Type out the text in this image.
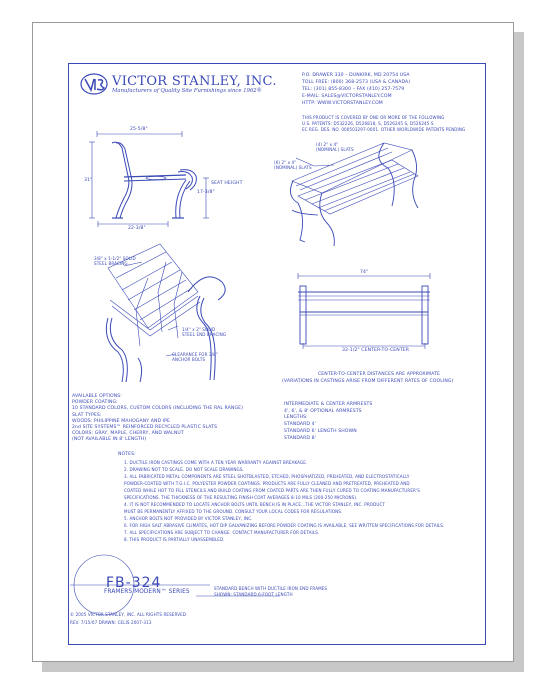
VICTOR STANLEY, INC.
Manufacturers of Quality Site Furnishings since 1962®
P.O. DRAWER 330 – DUNKIRK, MD 20754 USA
TOLL FREE: (800) 368-2573 (USA & CANADA)
TEL: (301) 855-8300 – FAX (410) 257-7579
E-MAIL: SALES@VICTORSTANLEY.COM
HTTP: WWW.VICTORSTANLEY.COM
THIS PRODUCT IS COVERED BY ONE OR MORE OF THE FOLLOWING
U.S. PATENTS: D532226, D526818, S, D526245 S, D526245 S
EC REG. DES. NO. 000503297-0001. OTHER WORLDWIDE PATENTS PENDING
25-5/8"
31"
17-3/8"
SEAT HEIGHT
22-3/8"
74"
32-1/2" CENTER-TO-CENTER
(4) 2" x 4" (NOMINAL) SLATS
(6) 2" x 4" (NOMINAL) SLATS
3/8" x 1-1/2" SOLID STEEL BRACING
1/4" x 2" SOLID STEEL END BRACING
CLEARANCE FOR 3/8" ANCHOR BOLTS
CENTER-TO-CENTER DISTANCES ARE APPROXIMATE
(VARIATIONS IN CASTINGS ARISE FROM DIFFERENT RATES OF COOLING)
AVAILABLE OPTIONS:
POWDER COATING:
10 STANDARD COLORS, CUSTOM COLORS (INCLUDING THE RAL RANGE)
SLAT TYPES:
WOODS: PHILIPPINE MAHOGANY AND IPE
2nd SITE SYSTEMS™ REINFORCED RECYCLED PLASTIC SLATS
COLORS: GRAY, MAPLE, CHERRY, AND WALNUT
(NOT AVAILABLE IN 8' LENGTH)
INTERMEDIATE & CENTER ARMRESTS
4', 6', & 8' OPTIONAL ARMRESTS
LENGTHS:
STANDARD 4'
STANDARD 6' LENGTH SHOWN
STANDARD 8'
NOTES:
1. DUCTILE IRON CASTINGS COME WITH A TEN YEAR WARRANTY AGAINST BREAKAGE.
2. DRAWING NOT TO SCALE. DO NOT SCALE DRAWINGS.
3. ALL FABRICATED METAL COMPONENTS ARE STEEL SHOTBLASTED, ETCHED, PHOSPHATIZED, PREHEATED, AND ELECTROSTATICALLY
POWDER-COATED WITH T.G.I.C. POLYESTER POWDER COATINGS. PRODUCTS ARE FULLY CLEANED AND PRETREATED, PREHEATED AND
COATED WHILE HOT TO FILL STENCILS AND BUILD COATING FROM COATED PARTS ARE THEN FULLY CURED TO COATING MANUFACTURER'S
SPECIFICATIONS. THE THICKNESS OF THE RESULTING FINISH COAT AVERAGES 8-10 MILS (200-250 MICRONS).
4. IT IS NOT RECOMMENDED TO LOCATE ANCHOR BOLTS UNTIL BENCH IS IN PLACE...THE VICTOR STANLEY, INC. PRODUCT
MUST BE PERMANENTLY AFFIXED TO THE GROUND. CONSULT YOUR LOCAL CODES FOR REGULATIONS.
5. ANCHOR BOLTS NOT PROVIDED BY VICTOR STANLEY, INC.
6. FOR HIGH SALT ABRASIVE CLIMATES, HOT DIP GALVANIZING BEFORE POWDER COATING IS AVAILABLE. SEE WRITTEN SPECIFICATIONS FOR DETAILS.
7. ALL SPECIFICATIONS ARE SUBJECT TO CHANGE. CONTACT MANUFACTURER FOR DETAILS.
8. THIS PRODUCT IS PARTIALLY UNASSEMBLED.
FB-324
FRAMERS MODERN™ SERIES
STANDARD BENCH WITH DUCTILE IRON END FRAMES
SHOWN: STANDARD 6-FOOT LENGTH
© 2005 VICTOR STANLEY, INC. ALL RIGHTS RESERVED
REV. 7/15/07 DRAWN: CELIS 2007-313
